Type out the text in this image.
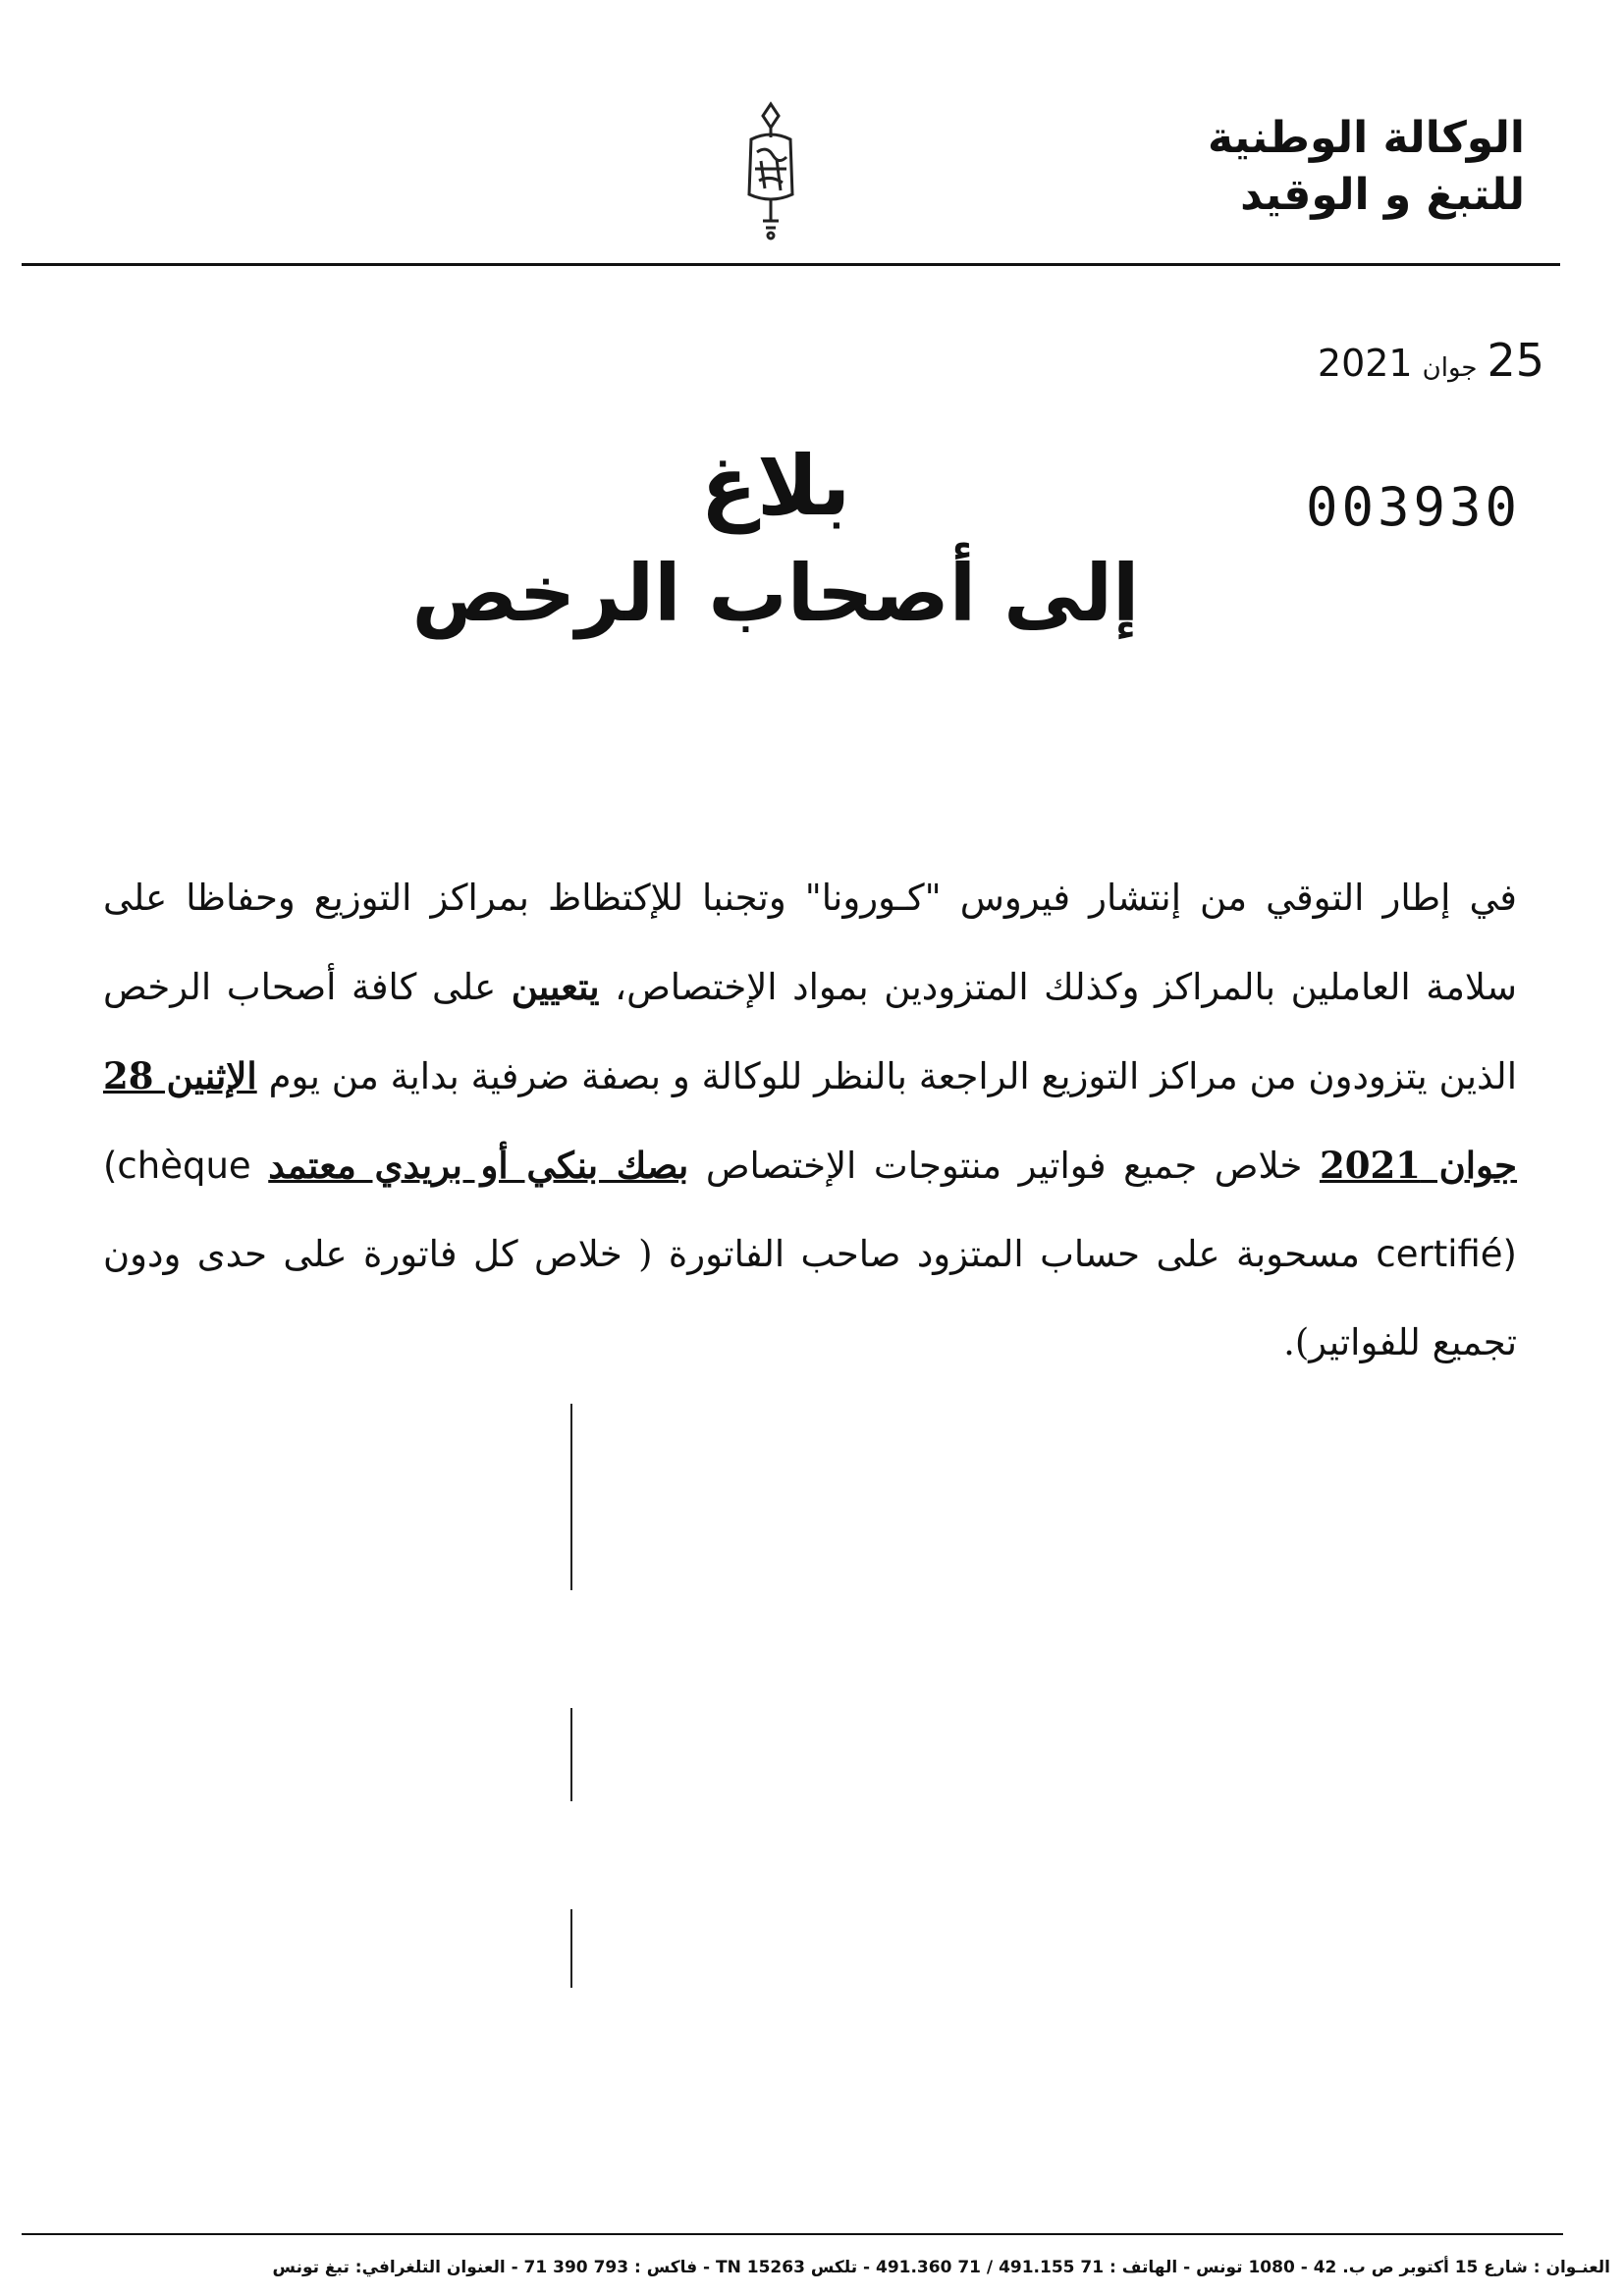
الوكالة الوطنية
للتبغ و الوقيد
25جوان2021
003930
بلاغ
إلى أصحاب الرخص
في إطار التوقي من إنتشار فيروس "كـورونا" وتجنبا للإكتظاظ بمراكز التوزيع وحفاظا على سلامة العاملين بالمراكز وكذلك المتزودين بمواد الإختصاص، يتعيين على كافة أصحاب الرخص الذين يتزودون من مراكز التوزيع الراجعة بالنظر للوكالة و بصفة ضرفية بداية من يوم الإثنين 28 جوان 2021 خلاص جميع فواتير منتوجات الإختصاص بصك بنكي أو بريدي معتمد (chèque certifié) مسحوبة على حساب المتزود صاحب الفاتورة ( خلاص كل فاتورة على حدى ودون تجميع للفواتير).
العنـوان : شارع 15 أكتوبر ص ب. 42 - 1080 تونس - الهاتف : 71 491.155 / 71 491.360 - تلكس TN 15263 - فاكس : 793 390 71 - العنوان التلغرافي: تبغ تونس
